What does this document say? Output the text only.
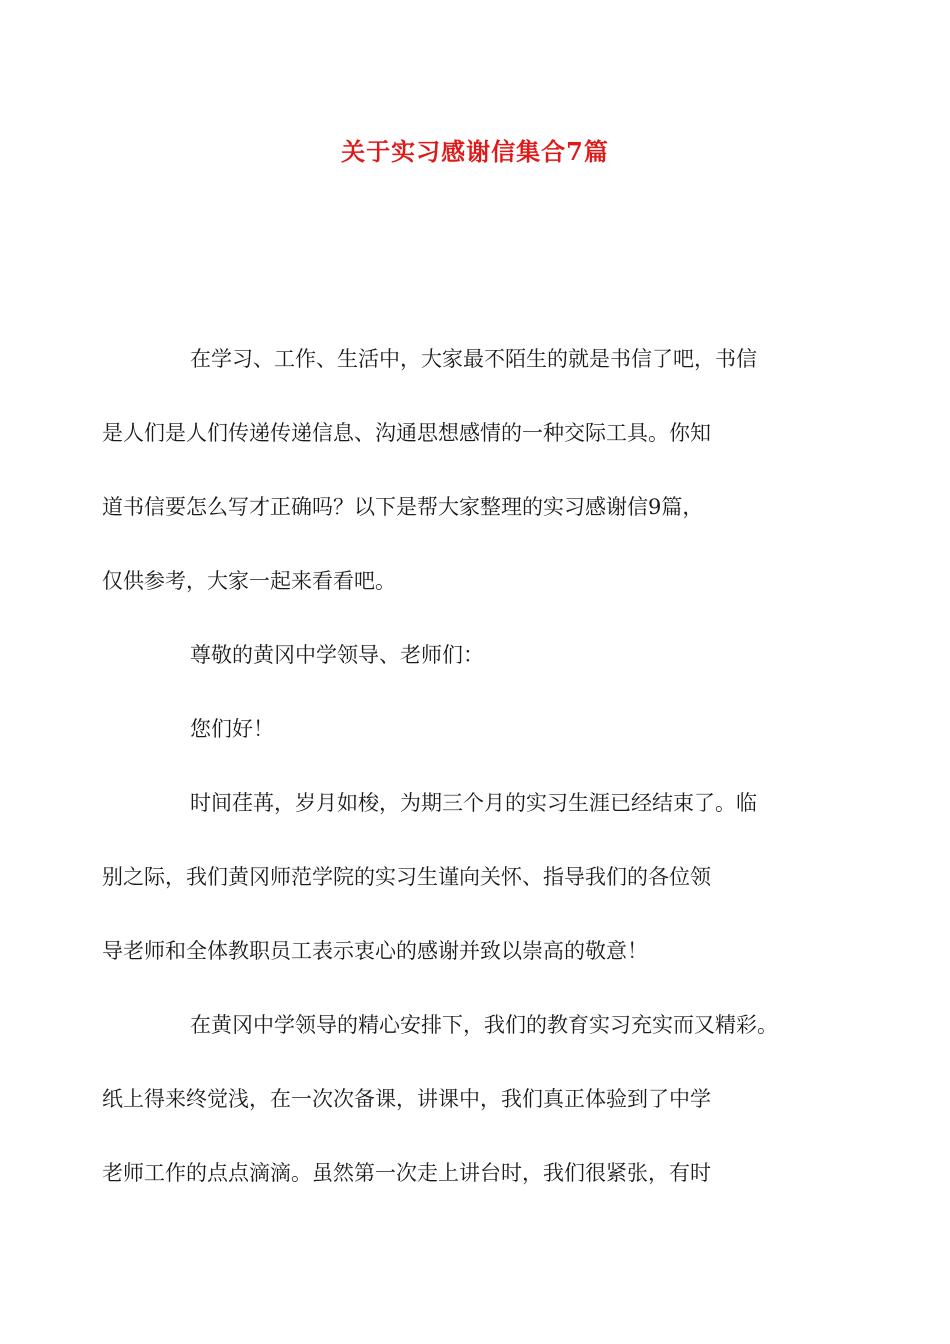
关于实习感谢信集合7篇

在学习、工作、生活中，大家最不陌生的就是书信了吧，书信
是人们是人们传递传递信息、沟通思想感情的一种交际工具。你知
道书信要怎么写才正确吗？以下是帮大家整理的实习感谢信9篇，
仅供参考，大家一起来看看吧。

尊敬的黄冈中学领导、老师们：

您们好！

时间荏苒，岁月如梭，为期三个月的实习生涯已经结束了。临
别之际，我们黄冈师范学院的实习生谨向关怀、指导我们的各位领
导老师和全体教职员工表示衷心的感谢并致以崇高的敬意！

在黄冈中学领导的精心安排下，我们的教育实习充实而又精彩。
纸上得来终觉浅，在一次次备课，讲课中，我们真正体验到了中学
老师工作的点点滴滴。虽然第一次走上讲台时，我们很紧张，有时
